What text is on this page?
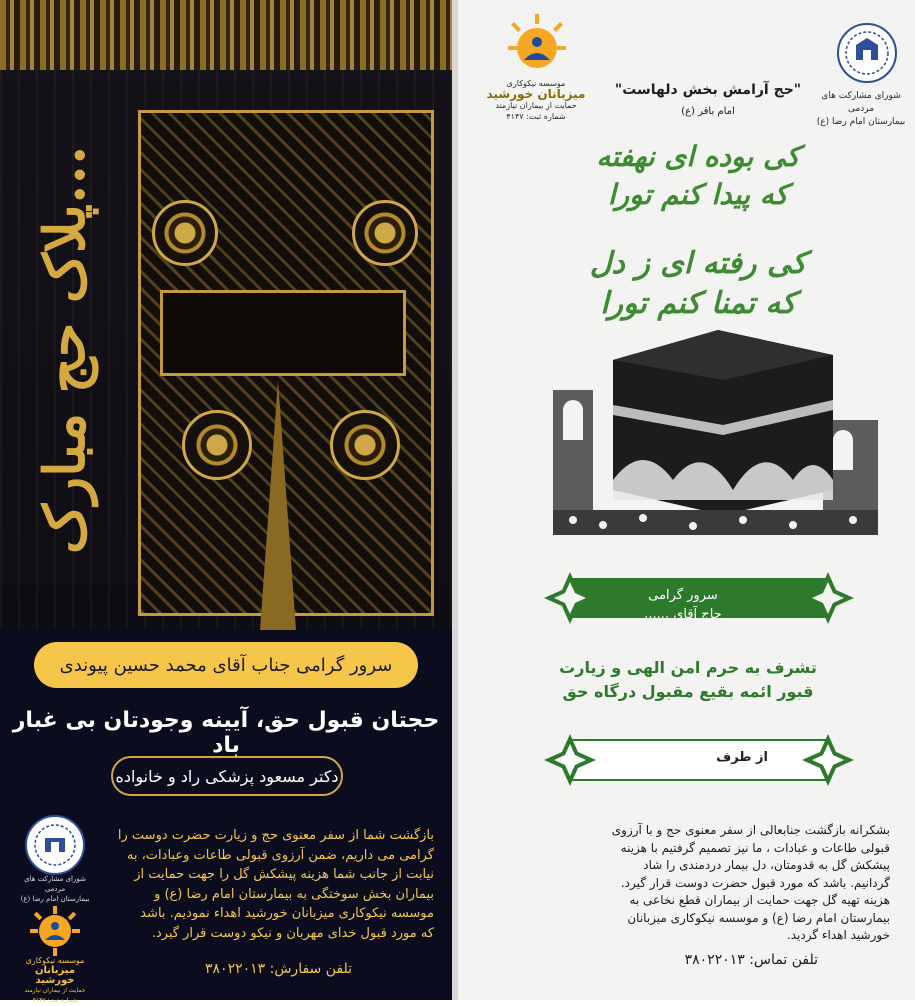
پلاک حج مبارک...
سرور گرامی جناب آقای محمد حسین پیوندی
حجتان قبول حق، آیینه وجودتان بی غبار باد
دکتر مسعود پزشکی راد و خانواده
شورای مشارکت های مردمی
بیمارستان امام رضا (ع)
موسسه نیکوکاری
میزبانان خورشید
حمایت از بیماران نیازمند
شماره ثبت: ۴۱۴۷

بازگشت شما از سفر معنوی حج و زیارت حضرت دوست را

گرامی می داریم، ضمن آرزوی قبولی طاعات وعبادات، به

نیابت از جانب شما هزینه پیشکش گل را جهت حمایت از

بیماران بخش سوختگی به بیمارستان امام رضا (ع) و

موسسه نیکوکاری میزبانان خورشید اهداء نمودیم. باشد

که مورد قبول خدای مهربان و نیکو دوست قرار گیرد.

تلفن سفارش: ۳۸۰۲۲۰۱۳
موسسه نیکوکاری
میزبانان خورشید
حمایت از بیماران نیازمند
شماره ثبت: ۴۱۴۷
شورای مشارکت های مردمی
بیمارستان امام رضا (ع)
"حج آرامش بخش دلهاست"
امام باقر (ع)
کی بوده ای نهفته
که پیدا کنم تورا
کی رفته ای ز دل
که تمنا کنم تورا
سرور گرامی
حاج آقای ......
تشرف به حرم امن الهی و زیارت
قبور ائمه بقیع مقبول درگاه حق
از طرف

بشکرانه بازگشت جنابعالی از سفر معنوی حج و با آرزوی

قبولی طاعات و عبادات ، ما نیز تصمیم گرفتیم با هزینه

پیشکش گل به قدومتان، دل بیمار دردمندی را شاد

گردانیم. باشد که مورد قبول حضرت دوست قرار گیرد.

هزینه تهیه گل جهت حمایت از بیماران قطع نخاعی به

بیمارستان امام رضا (ع) و موسسه نیکوکاری میزبانان

خورشید اهداء گردید.

تلفن تماس: ۳۸۰۲۲۰۱۳
